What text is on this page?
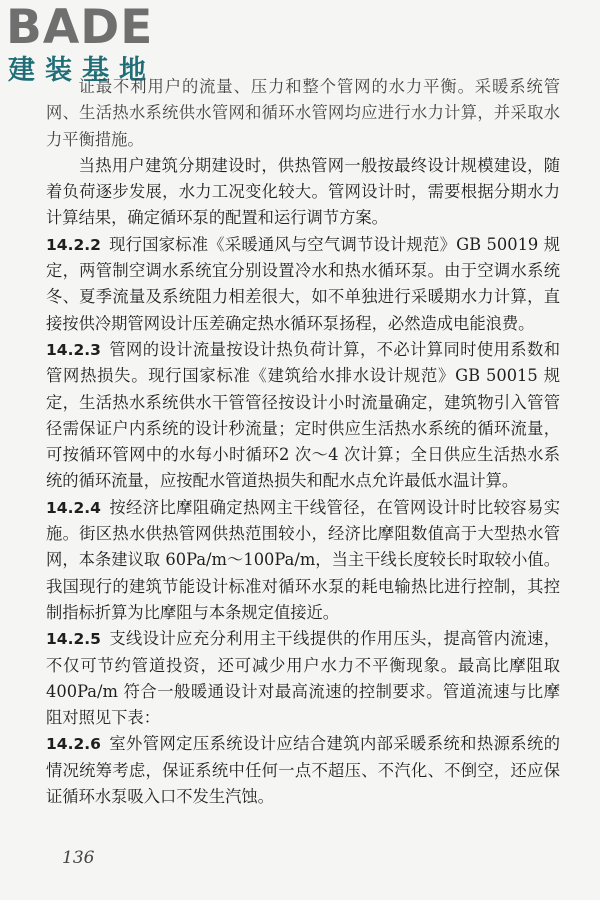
BADE
建装基地

证最不利用户的流量、压力和整个管网的水力平衡。采暖系统管网、生活热水系统供水管网和循环水管网均应进行水力计算，并采取水力平衡措施。

当热用户建筑分期建设时，供热管网一般按最终设计规模建设，随着负荷逐步发展，水力工况变化较大。管网设计时，需要根据分期水力计算结果，确定循环泵的配置和运行调节方案。

14.2.2 现行国家标准《采暖通风与空气调节设计规范》GB 50019 规定，两管制空调水系统宜分别设置冷水和热水循环泵。由于空调水系统冬、夏季流量及系统阻力相差很大，如不单独进行采暖期水力计算，直接按供冷期管网设计压差确定热水循环泵扬程，必然造成电能浪费。

14.2.3 管网的设计流量按设计热负荷计算，不必计算同时使用系数和管网热损失。现行国家标准《建筑给水排水设计规范》GB 50015 规定，生活热水系统供水干管管径按设计小时流量确定，建筑物引入管管径需保证户内系统的设计秒流量；定时供应生活热水系统的循环流量，可按循环管网中的水每小时循环2 次～4 次计算；全日供应生活热水系统的循环流量，应按配水管道热损失和配水点允许最低水温计算。

14.2.4 按经济比摩阻确定热网主干线管径，在管网设计时比较容易实施。街区热水供热管网供热范围较小，经济比摩阻数值高于大型热水管网，本条建议取 60Pa/m～100Pa/m，当主干线长度较长时取较小值。我国现行的建筑节能设计标准对循环水泵的耗电输热比进行控制，其控制指标折算为比摩阻与本条规定值接近。

14.2.5 支线设计应充分利用主干线提供的作用压头，提高管内流速，不仅可节约管道投资，还可减少用户水力不平衡现象。最高比摩阻取 400Pa/m 符合一般暖通设计对最高流速的控制要求。管道流速与比摩阻对照见下表：

14.2.6 室外管网定压系统设计应结合建筑内部采暖系统和热源系统的情况统筹考虑，保证系统中任何一点不超压、不汽化、不倒空，还应保证循环水泵吸入口不发生汽蚀。

136
